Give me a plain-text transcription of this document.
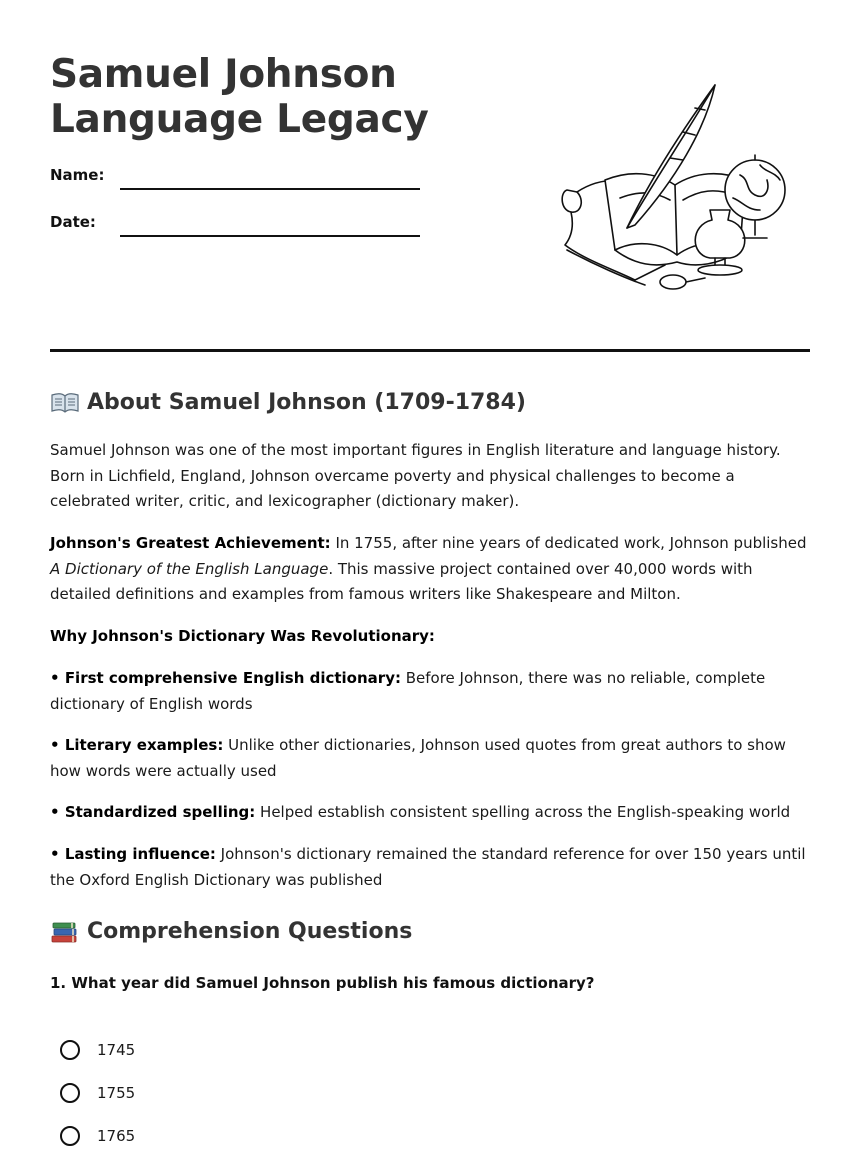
Samuel Johnson
Language Legacy
Name:
Date:
About Samuel Johnson (1709-1784)

Samuel Johnson was one of the most important figures in English literature and language history. Born in Lichfield, England, Johnson overcame poverty and physical challenges to become a celebrated writer, critic, and lexicographer (dictionary maker).

Johnson's Greatest Achievement: In 1755, after nine years of dedicated work, Johnson published A Dictionary of the English Language. This massive project contained over 40,000 words with detailed definitions and examples from famous writers like Shakespeare and Milton.

Why Johnson's Dictionary Was Revolutionary:

• First comprehensive English dictionary: Before Johnson, there was no reliable, complete dictionary of English words

• Literary examples: Unlike other dictionaries, Johnson used quotes from great authors to show how words were actually used

• Standardized spelling: Helped establish consistent spelling across the English-speaking world

• Lasting influence: Johnson's dictionary remained the standard reference for over 150 years until the Oxford English Dictionary was published

Comprehension Questions

1. What year did Samuel Johnson publish his famous dictionary?

1745
1755
1765
